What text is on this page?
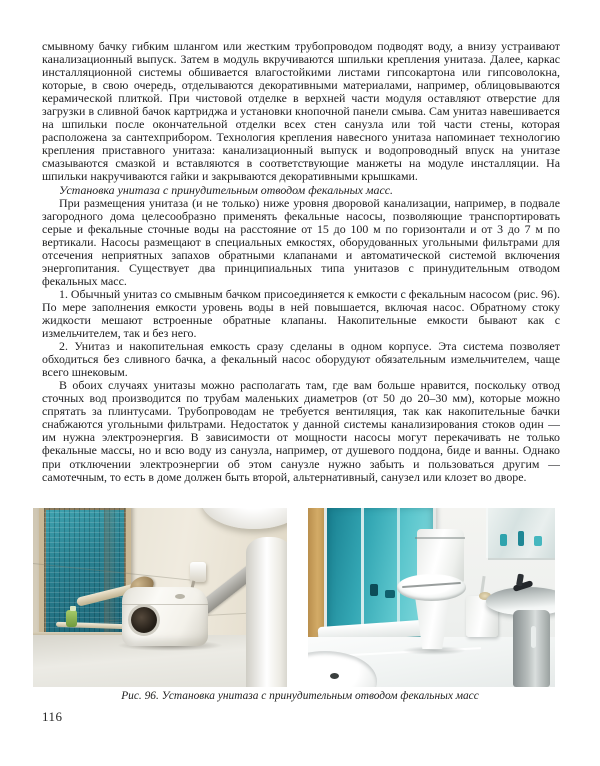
смывному бачку гибким шлангом или жестким трубопроводом подводят воду, а внизу устраивают канализационный выпуск. Затем в модуль вкручиваются шпильки крепления унитаза. Далее, каркас инсталляционной системы обшивается влагостойкими листами гипсокартона или гипсоволокна, которые, в свою очередь, отделываются декоративными материалами, например, облицовываются керамической плиткой. При чистовой отделке в верхней части модуля оставляют отверстие для загрузки в сливной бачок картриджа и установки кнопочной панели смыва. Сам унитаз навешивается на шпильки после окончательной отделки всех стен санузла или той части стены, которая расположена за сантехприбором. Технология крепления навесного унитаза напоминает технологию крепления приставного унитаза: канализационный выпуск и водопроводный впуск на унитазе смазываются смазкой и вставляются в соответствующие манжеты на модуле инсталляции. На шпильки накручиваются гайки и закрываются декоративными крышками.

Установка унитаза с принудительным отводом фекальных масс.

При размещения унитаза (и не только) ниже уровня дворовой канализации, например, в подвале загородного дома целесообразно применять фекальные насосы, позволяющие транспортировать серые и фекальные сточные воды на расстояние от 15 до 100 м по горизонтали и от 3 до 7 м по вертикали. Насосы размещают в специальных емкостях, оборудованных угольными фильтрами для отсечения неприятных запахов обратными клапанами и автоматической системой включения энергопитания. Существует два принципиальных типа унитазов с принудительным отводом фекальных масс.

1. Обычный унитаз со смывным бачком присоединяется к емкости с фекальным насосом (рис. 96). По мере заполнения емкости уровень воды в ней повышается, включая насос. Обратному стоку жидкости мешают встроенные обратные клапаны. Накопительные емкости бывают как с измельчителем, так и без него.

2. Унитаз и накопительная емкость сразу сделаны в одном корпусе. Эта система позволяет обходиться без сливного бачка, а фекальный насос оборудуют обязательным измельчителем, чаще всего шнековым.

В обоих случаях унитазы можно располагать там, где вам больше нравится, поскольку отвод сточных вод производится по трубам маленьких диаметров (от 50 до 20–30 мм), которые можно спрятать за плинтусами. Трубопроводам не требуется вентиляция, так как накопительные бачки снабжаются угольными фильтрами. Недостаток у данной системы канализирования стоков один — им нужна электроэнергия. В зависимости от мощности насосы могут перекачивать не только фекальные массы, но и всю воду из санузла, например, от душевого поддона, биде и ванны. Однако при отключении электроэнергии об этом санузле нужно забыть и пользоваться другим — самотечным, то есть в доме должен быть второй, альтернативный, санузел или клозет во дворе.

Рис. 96. Установка унитаза с принудительным отводом фекальных масс
116
